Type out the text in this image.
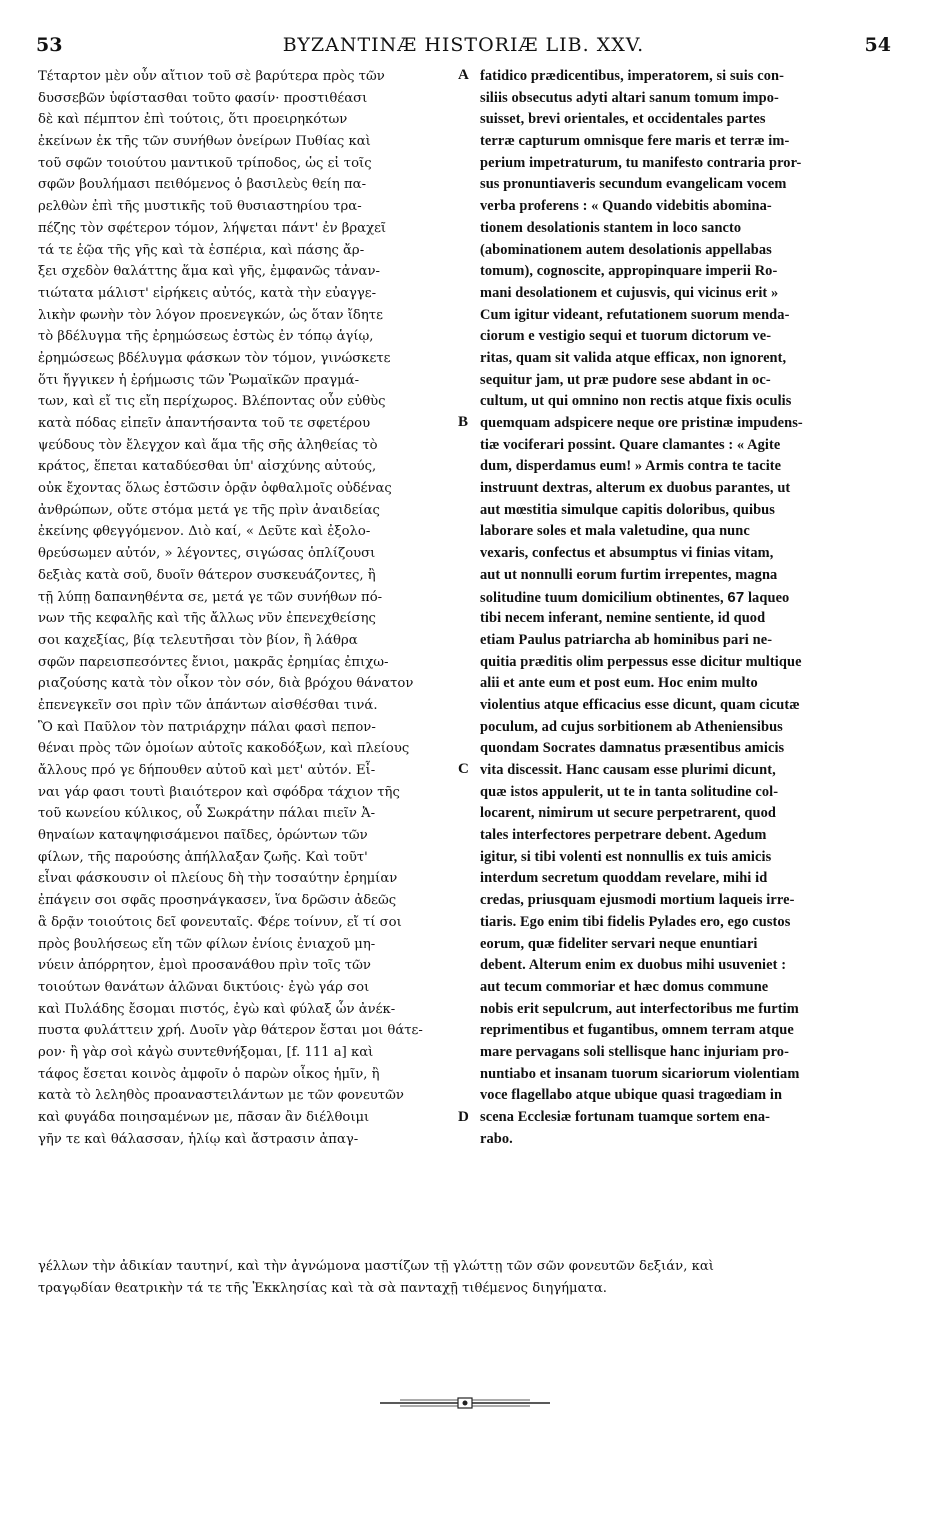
53	BYZANTINÆ HISTORIÆ LIB. XXV.	54
Τέταρτον μὲν οὖν αἴτιον τοῦ σὲ βαρύτερα πρὸς τῶν
δυσσεβῶν ὑφίστασθαι τοῦτο φασίν· προστιθέασι
δὲ καὶ πέμπτον ἐπὶ τούτοις, ὅτι προειρηκότων
ἐκείνων ἐκ τῆς τῶν συνήθων ὀνείρων Πυθίας καὶ
τοῦ σφῶν τοιούτου μαντικοῦ τρίποδος, ὡς εἰ τοῖς
σφῶν βουλήμασι πειθόμενος ὁ βασιλεὺς θείη πα-
ρελθὼν ἐπὶ τῆς μυστικῆς τοῦ θυσιαστηρίου τρα-
πέζης τὸν σφέτερον τόμον, λήψεται πάντ' ἐν βραχεῖ
τά τε ἑῷα τῆς γῆς καὶ τὰ ἑσπέρια, καὶ πάσης ἄρ-
ξει σχεδὸν θαλάττης ἅμα καὶ γῆς, ἐμφανῶς τἀναν-
τιώτατα μάλιστ' εἰρήκεις αὐτός, κατὰ τὴν εὐαγγε-
λικὴν φωνὴν τὸν λόγον προενεγκών, ὡς ὅταν ἴδητε
τὸ βδέλυγμα τῆς ἐρημώσεως ἑστὼς ἐν τόπῳ ἁγίῳ,
ἐρημώσεως βδέλυγμα φάσκων τὸν τόμον, γινώσκετε
ὅτι ἤγγικεν ἡ ἐρήμωσις τῶν Ῥωμαϊκῶν πραγμά-
των, καὶ εἴ τις εἴη περίχωρος. Βλέποντας οὖν εὐθὺς
κατὰ πόδας εἰπεῖν ἀπαντήσαντα τοῦ τε σφετέρου
ψεύδους τὸν ἔλεγχον καὶ ἅμα τῆς σῆς ἀληθείας τὸ
κράτος, ἕπεται καταδύεσθαι ὑπ' αἰσχύνης αὐτούς,
οὐκ ἔχοντας ὅλως ἐστῶσιν ὁρᾷν ὀφθαλμοῖς οὐδένας
ἀνθρώπων, οὔτε στόμα μετά γε τῆς πρὶν ἀναιδείας
ἐκείνης φθεγγόμενον. Διὸ καί, « Δεῦτε καὶ ἐξολο-
θρεύσωμεν αὐτόν, » λέγοντες, σιγώσας ὁπλίζουσι
δεξιὰς κατὰ σοῦ, δυοῖν θάτερον συσκευάζοντες, ἢ
τῇ λύπῃ δαπανηθέντα σε, μετά γε τῶν συνήθων πό-
νων τῆς κεφαλῆς καὶ τῆς ἄλλως νῦν ἐπενεχθείσης
σοι καχεξίας, βίᾳ τελευτῆσαι τὸν βίον, ἢ λάθρα
σφῶν παρεισπεσόντες ἔνιοι, μακρᾶς ἐρημίας ἐπιχω-
ριαζούσης κατὰ τὸν οἶκον τὸν σόν, διὰ βρόχου θάνατον
ἐπενεγκεῖν σοι πρὶν τῶν ἁπάντων αἰσθέσθαι τινά.
Ὃ καὶ Παῦλον τὸν πατριάρχην πάλαι φασὶ πεπον-
θέναι πρὸς τῶν ὁμοίων αὐτοῖς κακοδόξων, καὶ πλείους
ἄλλους πρό γε δήπουθεν αὐτοῦ καὶ μετ' αὐτόν. Εἶ-
ναι γάρ φασι τουτὶ βιαιότερον καὶ σφόδρα τάχιον τῆς
τοῦ κωνείου κύλικος, οὗ Σωκράτην πάλαι πιεῖν Ἀ-
θηναίων καταψηφισάμενοι παῖδες, ὁρώντων τῶν
φίλων, τῆς παρούσης ἀπήλλαξαν ζωῆς. Καὶ τοῦτ'
εἶναι φάσκουσιν οἱ πλείους δὴ τὴν τοσαύτην ἐρημίαν
ἐπάγειν σοι σφᾶς προσηνάγκασεν, ἵνα δρῶσιν ἀδεῶς
ἃ δρᾷν τοιούτοις δεῖ φονευταῖς. Φέρε τοίνυν, εἴ τί σοι
πρὸς βουλήσεως εἴη τῶν φίλων ἐνίοις ἐνιαχοῦ μη-
νύειν ἀπόρρητον, ἐμοὶ προσανάθου πρὶν τοῖς τῶν
τοιούτων θανάτων ἁλῶναι δικτύοις· ἐγὼ γάρ σοι
καὶ Πυλάδης ἔσομαι πιστός, ἐγὼ καὶ φύλαξ ὧν ἀνέκ-
πυστα φυλάττειν χρή. Δυοῖν γὰρ θάτερον ἔσται μοι θάτε-
ρον· ἢ γὰρ σοὶ κἀγὼ συντεθνήξομαι, [f. 111 a] καὶ
τάφος ἔσεται κοινὸς ἀμφοῖν ὁ παρὼν οἶκος ἡμῖν, ἢ
κατὰ τὸ λεληθὸς προαναστειλάντων με τῶν φονευτῶν
καὶ φυγάδα ποιησαμένων με, πᾶσαν ἂν διέλθοιμι
γῆν τε καὶ θάλασσαν, ἡλίῳ καὶ ἄστρασιν ἀπαγ-
A
B
C
D
fatidico prædicentibus, imperatorem, si suis con-
siliis obsecutus adyti altari sanum tomum impo-
suisset, brevi orientales, et occidentales partes
terræ capturum omnisque fere maris et terræ im-
perium impetraturum, tu manifesto contraria pror-
sus pronuntiaveris secundum evangelicam vocem
verba proferens : « Quando videbitis abomina-
tionem desolationis stantem in loco sancto
(abominationem autem desolationis appellabas
tomum), cognoscite, appropinquare imperii Ro-
mani desolationem et cujusvis, qui vicinus erit »
Cum igitur videant, refutationem suorum menda-
ciorum e vestigio sequi et tuorum dictorum ve-
ritas, quam sit valida atque efficax, non ignorent,
sequitur jam, ut præ pudore sese abdant in oc-
cultum, ut qui omnino non rectis atque fixis oculis
quemquam adspicere neque ore pristinæ impudens-
tiæ vociferari possint. Quare clamantes : « Agite
dum, disperdamus eum! » Armis contra te tacite
instruunt dextras, alterum ex duobus parantes, ut
aut mœstitia simulque capitis doloribus, quibus
laborare soles et mala valetudine, qua nunc
vexaris, confectus et absumptus vi finias vitam,
aut ut nonnulli eorum furtim irrepentes, magna
solitudine tuum domicilium obtinentes, 67 laqueo
tibi necem inferant, nemine sentiente, id quod
etiam Paulus patriarcha ab hominibus pari ne-
quitia præditis olim perpessus esse dicitur multique
alii et ante eum et post eum. Hoc enim multo
violentius atque efficacius esse dicunt, quam cicutæ
poculum, ad cujus sorbitionem ab Atheniensibus
quondam Socrates damnatus præsentibus amicis
vita discessit. Hanc causam esse plurimi dicunt,
quæ istos appulerit, ut te in tanta solitudine col-
locarent, nimirum ut secure perpetrarent, quod
tales interfectores perpetrare debent. Agedum
igitur, si tibi volenti est nonnullis ex tuis amicis
interdum secretum quoddam revelare, mihi id
credas, priusquam ejusmodi mortium laqueis irre-
tiaris. Ego enim tibi fidelis Pylades ero, ego custos
eorum, quæ fideliter servari neque enuntiari
debent. Alterum enim ex duobus mihi usuveniet :
aut tecum commoriar et hæc domus commune
nobis erit sepulcrum, aut interfectoribus me furtim
reprimentibus et fugantibus, omnem terram atque
mare pervagans soli stellisque hanc injuriam pro-
nuntiabo et insanam tuorum sicariorum violentiam
voce flagellabo atque ubique quasi tragœdiam in
scena Ecclesiæ fortunam tuamque sortem ena-
rabo.
γέλλων τὴν ἀδικίαν ταυτηνί, καὶ τὴν ἀγνώμονα μαστίζων τῇ γλώττῃ τῶν σῶν φονευτῶν δεξιάν, καὶ
τραγῳδίαν θεατρικὴν τά τε τῆς Ἐκκλησίας καὶ τὰ σὰ πανταχῇ τιθέμενος διηγήματα.
